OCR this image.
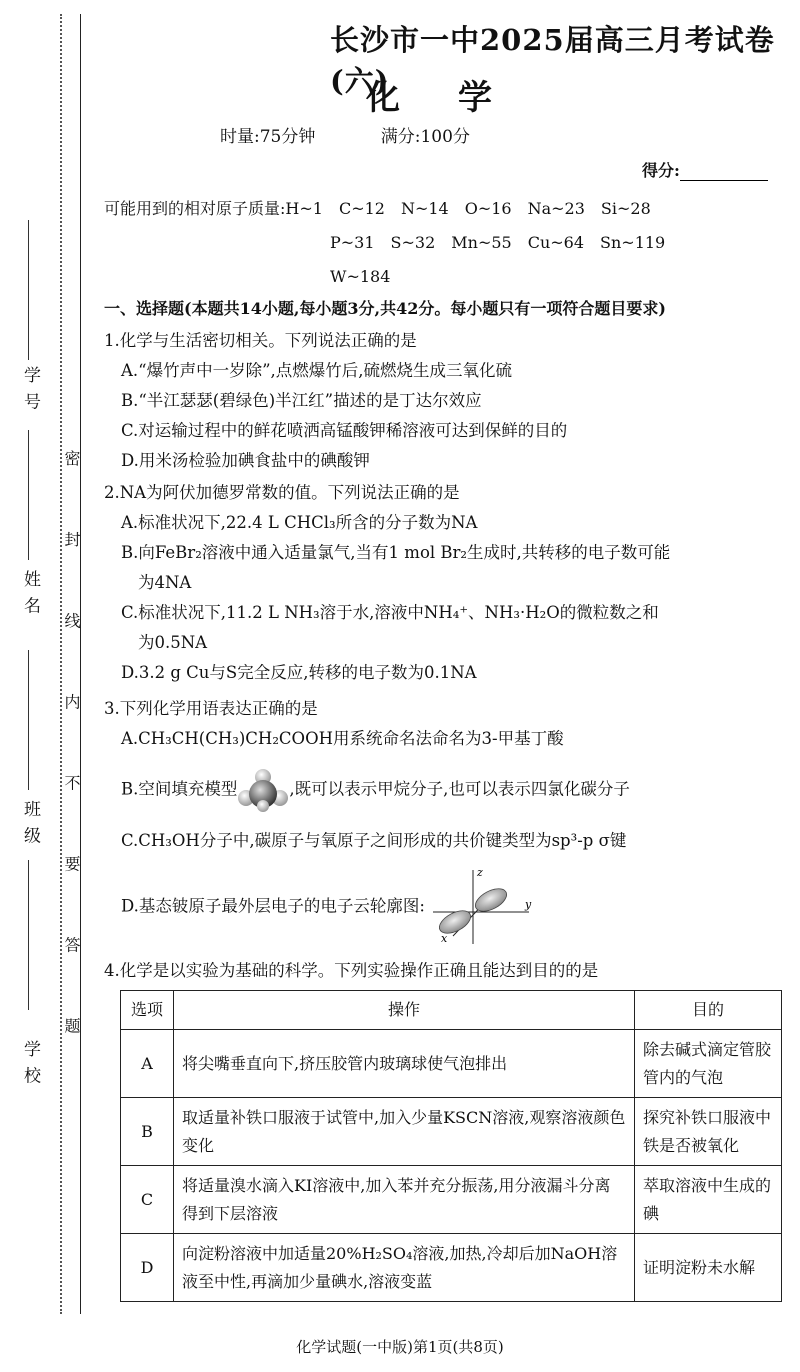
学 校
班 级
姓 名
学 号
密 封 线 内 不 要 答 题
长沙市一中2025届高三月考试卷(六)
化学
时量:75分钟	满分:100分
得分:
可能用到的相对原子质量:H~1　C~12　N~14　O~16　Na~23　Si~28
P~31　S~32　Mn~55　Cu~64　Sn~119
W~184
一、选择题(本题共14小题,每小题3分,共42分。每小题只有一项符合题目要求)
1.化学与生活密切相关。下列说法正确的是
A.“爆竹声中一岁除”,点燃爆竹后,硫燃烧生成三氧化硫
B.“半江瑟瑟(碧绿色)半江红”描述的是丁达尔效应
C.对运输过程中的鲜花喷洒高锰酸钾稀溶液可达到保鲜的目的
D.用米汤检验加碘食盐中的碘酸钾
2.NA为阿伏加德罗常数的值。下列说法正确的是
A.标准状况下,22.4 L CHCl₃所含的分子数为NA
B.向FeBr₂溶液中通入适量氯气,当有1 mol Br₂生成时,共转移的电子数可能
为4NA
C.标准状况下,11.2 L NH₃溶于水,溶液中NH₄⁺、NH₃·H₂O的微粒数之和
为0.5NA
D.3.2 g Cu与S完全反应,转移的电子数为0.1NA
3.下列化学用语表达正确的是
A.CH₃CH(CH₃)CH₂COOH用系统命名法命名为3-甲基丁酸
B.空间填充模型	,既可以表示甲烷分子,也可以表示四氯化碳分子
C.CH₃OH分子中,碳原子与氧原子之间形成的共价键类型为sp³-p σ键
D.基态铍原子最外层电子的电子云轮廓图:
z
y
x
4.化学是以实验为基础的科学。下列实验操作正确且能达到目的的是
选项	操作	目的
A	将尖嘴垂直向下,挤压胶管内玻璃球使气泡排出	除去碱式滴定管胶管内的气泡
B	取适量补铁口服液于试管中,加入少量KSCN溶液,观察溶液颜色变化	探究补铁口服液中铁是否被氧化
C	将适量溴水滴入KI溶液中,加入苯并充分振荡,用分液漏斗分离得到下层溶液	萃取溶液中生成的碘
D	向淀粉溶液中加适量20%H₂SO₄溶液,加热,冷却后加NaOH溶液至中性,再滴加少量碘水,溶液变蓝	证明淀粉未水解
化学试题(一中版)第1页(共8页)
